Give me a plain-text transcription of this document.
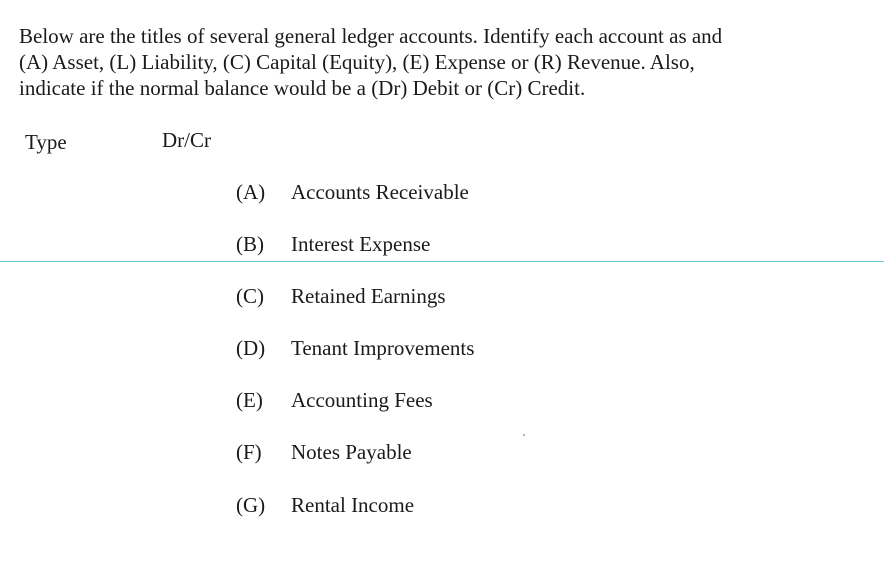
Below are the titles of several general ledger accounts. Identify each account as and
(A) Asset, (L) Liability, (C) Capital (Equity), (E) Expense or (R) Revenue. Also,
indicate if the normal balance would be a (Dr) Debit or (Cr) Credit.

Type	Dr/Cr
(A) Accounts Receivable
(B) Interest Expense
(C) Retained Earnings
(D) Tenant Improvements
(E) Accounting Fees
(F) Notes Payable
(G) Rental Income
